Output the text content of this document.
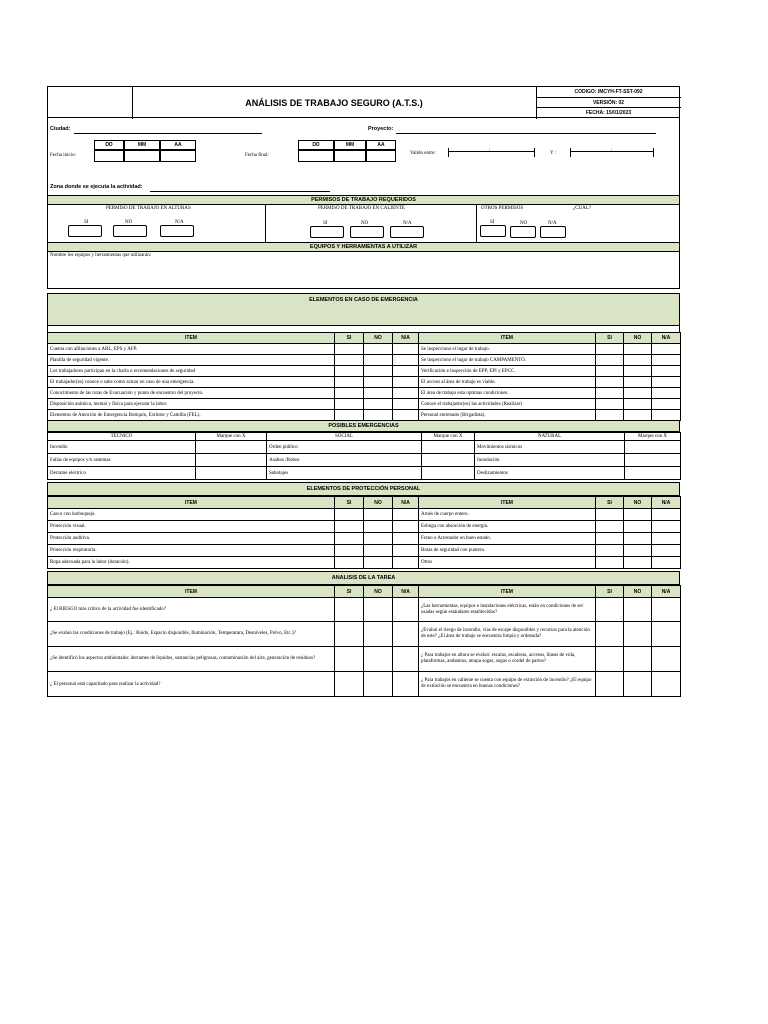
ANÁLISIS DE TRABAJO SEGURO (A.T.S.)
CODIGO: IMCYH-FT-SST-092
VERSIÓN: 02
FECHA: 15/01/2023
Ciudad:	Proyecto:
DD	MM	AA
Fecha inicio:	Fecha final:
DD	MM	AA
Valido entre:
:
Y :
:
Zona donde se ejecuta la actividad:
PERMISOS DE TRABAJO REQUERIDOS
PERMISO DE TRABAJO EN ALTURAS	PERMISO DE TRABAJO EN CALIENTE	OTROS PERMISOS	¿CUÁL?
SI	NO	N/A	SI	NO	N/A	SI	NO	N/A
EQUIPOS Y HERRAMIENTAS A UTILIZAR
Nombre los equipos y herramientas que utilizarán:
ELEMENTOS EN CASO DE EMERGENCIA
ITEM	SI	NO	N/A	ITEM	SI	NO	N/A
Cuenta con afiliaciones a ARL, EPS y AFP.				Se inspecciono el lugar de trabajo.			
Planilla de seguridad vigente.				Se inspecciono el lugar de trabajo CAMPAMENTO.			
Los trabajadores participan en la charla o recomendaciones de seguridad				Verificación e inspección de EPP, EPI y EPCC.			
El trabajador(es) conoce o sabe como actuar en caso de una emergencia.				El acceso al área de trabajo es viable.			
Conocimiento de las rutas de Evacuación y punto de encuentro del proyecto.				El área de trabajo esta optimas condiciones.			
Disposición anímica, mental y física para ejecutar la labor.				Conoce el trabajador(es) las actividades (Realizar)			
Elementos de Atención de Emergencia Botiquín, Extintor y Camilla (FEL).				Personal entrenado (Brigadista).			
POSIBLES EMERGENCIAS
TÉCNICO	Marque con X	SOCIAL	Marque con X	NATURAL	Marque con X
Incendio		Orden público		Movimientos sísmicos	
Fallas de equipos y/o sistemas		Asaltos /Robos		Inundación	
Derrame eléctrico		Sabotajes		Deslizamientos	
ELEMENTOS DE PROTECCIÓN PERSONAL
ITEM	SI	NO	N/A	ITEM	SI	NO	N/A
Casco con barbuquejo.				Arnés de cuerpo entero.			
Protección visual.				Eslinga con absorción de energía.			
Protección auditiva.				Freno o Arrestador en buen estado.			
Protección respiratoria.				Botas de seguridad con puntera.			
Ropa adecuada para la labor (dotación).				Otros			
ANALISIS DE LA TAREA
ITEM	SI	NO	N/A	ITEM	SI	NO	N/A
¿ El RIESGO más crítico de la actividad fue identificado?				¿Las herramientas, equipos e instalaciones eléctricas, están en condiciones de ser usadas según estándares establecidos?			
¿Se evaluó las condiciones de trabajo (Ej.: Ruido, Espacio disponible, Iluminación, Temperatura, Desniveles, Polvo, Etc.)?				¿Evaluó el riesgo de incendio, vías de escape disponibles y recursos para la atención de este? ¿El área de trabajo se encuentra limpia y ordenada?			
¿Se identificó los aspectos ambientales: derrames de líquidos, sustancias peligrosas, contaminación del aire, generación de residuos?				¿ Para trabajos en altura se evaluó: escalas, escaleras, accesos, líneas de vida, plataformas, andamios, atrapa sogas, sogas o cordel de partos?			
¿ El personal está capacitado para realizar la actividad?				¿ Para trabajos en caliente se cuenta con equipo de extinción de incendio? ¿El equipo de extinción se encuentra en buenas condiciones?			
